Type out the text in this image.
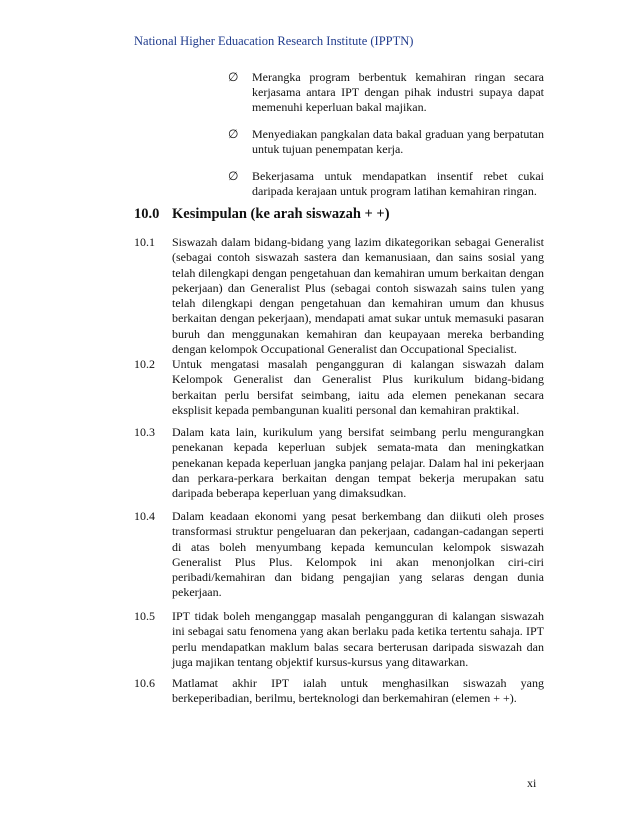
National Higher Eduacation Research Institute (IPPTN)
∅	Merangka program berbentuk kemahiran ringan secara kerjasama antara IPT dengan pihak industri supaya dapat memenuhi keperluan bakal majikan.
∅	Menyediakan pangkalan data bakal graduan yang berpatutan untuk tujuan penempatan kerja.
∅	Bekerjasama untuk mendapatkan insentif rebet cukai daripada kerajaan untuk program latihan kemahiran ringan.
10.0 Kesimpulan (ke arah siswazah + +)
10.1	Siswazah dalam bidang-bidang yang lazim dikategorikan sebagai Generalist (sebagai contoh siswazah sastera dan kemanusiaan, dan sains sosial yang telah dilengkapi dengan pengetahuan dan kemahiran umum berkaitan dengan pekerjaan) dan Generalist Plus (sebagai contoh siswazah sains tulen yang telah dilengkapi dengan pengetahuan dan kemahiran umum dan khusus berkaitan dengan pekerjaan), mendapati amat sukar untuk memasuki pasaran buruh dan menggunakan kemahiran dan keupayaan mereka berbanding dengan kelompok Occupational Generalist dan Occupational Specialist.
10.2	Untuk mengatasi masalah pengangguran di kalangan siswazah dalam Kelompok Generalist dan Generalist Plus kurikulum bidang-bidang berkaitan perlu bersifat seimbang, iaitu ada elemen penekanan secara eksplisit kepada pembangunan kualiti personal dan kemahiran praktikal.
10.3	Dalam kata lain, kurikulum yang bersifat seimbang perlu mengurangkan penekanan kepada keperluan subjek semata-mata dan meningkatkan penekanan kepada keperluan jangka panjang pelajar. Dalam hal ini pekerjaan dan perkara-perkara berkaitan dengan tempat bekerja merupakan satu daripada beberapa keperluan yang dimaksudkan.
10.4	Dalam keadaan ekonomi yang pesat berkembang dan diikuti oleh proses transformasi struktur pengeluaran dan pekerjaan, cadangan-cadangan seperti di atas boleh menyumbang kepada kemunculan kelompok siswazah Generalist Plus Plus. Kelompok ini akan menonjolkan ciri-ciri peribadi/kemahiran dan bidang pengajian yang selaras dengan dunia pekerjaan.
10.5	IPT tidak boleh menganggap masalah pengangguran di kalangan siswazah ini sebagai satu fenomena yang akan berlaku pada ketika tertentu sahaja. IPT perlu mendapatkan maklum balas secara berterusan daripada siswazah dan juga majikan tentang objektif kursus-kursus yang ditawarkan.
10.6	Matlamat akhir IPT ialah untuk menghasilkan siswazah yang berkeperibadian, berilmu, berteknologi dan berkemahiran (elemen + +).
xi
